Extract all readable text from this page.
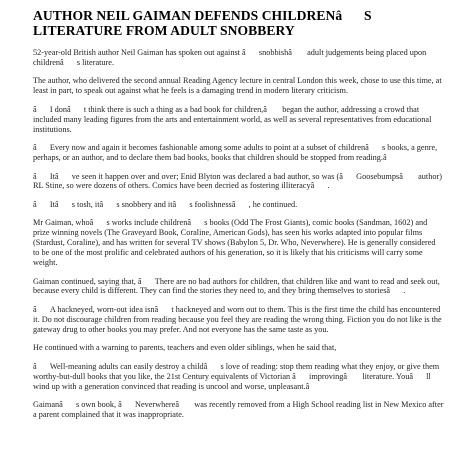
AUTHOR NEIL GAIMAN DEFENDS CHILDRENâS LITERATURE FROM ADULT SNOBBERY

52-year-old British author Neil Gaiman has spoken out against âsnobbishâ adult judgements being placed upon childrenâs literature.

The author, who delivered the second annual Reading Agency lecture in central London this week, chose to use this time, at least in part, to speak out against what he feels is a damaging trend in modern literary criticism.

âI donât think there is such a thing as a bad book for children,â began the author, addressing a crowd that included many leading figures from the arts and entertainment world, as well as several representatives from educational institutions.

âEvery now and again it becomes fashionable among some adults to point at a subset of childrenâs books, a genre, perhaps, or an author, and to declare them bad books, books that children should be stopped from reading.â

âItâve seen it happen over and over; Enid Blyton was declared a bad author, so was (âGoosebumpsâ author) RL Stine, so were dozens of others. Comics have been decried as fostering illiteracyâ.

âItâs tosh, itâs snobbery and itâs foolishnessâ, he continued.

Mr Gaiman, whoâs works include childrenâs books (Odd The Frost Giants), comic books (Sandman, 1602) and prize winning novels (The Graveyard Book, Coraline, American Gods), has seen his works adapted into popular films (Stardust, Coraline), and has written for several TV shows (Babylon 5, Dr. Who, Neverwhere). He is generally considered to be one of the most prolific and celebrated authors of his generation, so it is likely that his criticisms will carry some weight.

Gaiman continued, saying that, âThere are no bad authors for children, that children like and want to read and seek out, because every child is different. They can find the stories they need to, and they bring themselves to storiesâ.

âA hackneyed, worn-out idea isnât hackneyed and worn out to them. This is the first time the child has encountered it. Do not discourage children from reading because you feel they are reading the wrong thing. Fiction you do not like is the gateway drug to other books you may prefer. And not everyone has the same taste as you.

He continued with a warning to parents, teachers and even older siblings, when he said that,

âWell-meaning adults can easily destroy a childâs love of reading: stop them reading what they enjoy, or give them worthy-but-dull books that you like, the 21st Century equivalents of Victorian âimprovingâ literature. Youâll wind up with a generation convinced that reading is uncool and worse, unpleasant.â

Gaimanâs own book, âNeverwhereâ was recently removed from a High School reading list in New Mexico after a parent complained that it was inappropriate.
